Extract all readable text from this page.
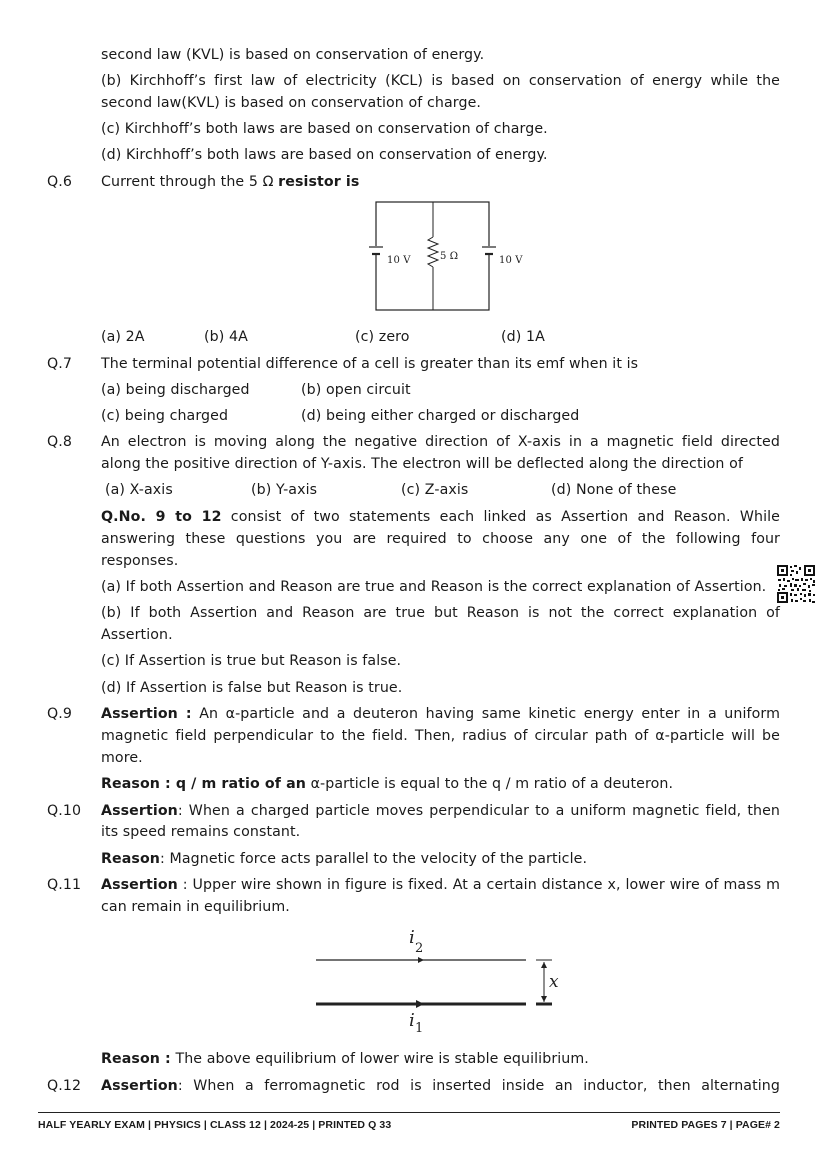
second law (KVL) is based on conservation of energy.
(b) Kirchhoff’s first law of electricity (KCL) is based on conservation of energy while the
second law(KVL) is based on conservation of charge.
(c) Kirchhoff’s both laws are based on conservation of charge.
(d) Kirchhoff’s both laws are based on conservation of energy.
Q.6 Current through the 5 Ω resistor is
10 V	5 Ω	10 V
(a) 2A	(b) 4A	(c) zero	(d) 1A
Q.7 The terminal potential difference of a cell is greater than its emf when it is
(a) being discharged	(b) open circuit
(c) being charged	(d) being either charged or discharged
Q.8 An electron is moving along the negative direction of X-axis in a magnetic field directed
along the positive direction of Y-axis. The electron will be deflected along the direction of
(a) X-axis	(b) Y-axis	(c) Z-axis	(d) None of these
Q.No. 9 to 12 consist of two statements each linked as Assertion and Reason. While
answering these questions you are required to choose any one of the following four
responses.
(a) If both Assertion and Reason are true and Reason is the correct explanation of Assertion.
(b) If both Assertion and Reason are true but Reason is not the correct explanation of
Assertion.
(c) If Assertion is true but Reason is false.
(d) If Assertion is false but Reason is true.
Q.9 Assertion : An α-particle and a deuteron having same kinetic energy enter in a uniform
magnetic field perpendicular to the field. Then, radius of circular path of α-particle will be
more.
Reason : q / m ratio of an α-particle is equal to the q / m ratio of a deuteron.
Q.10 Assertion: When a charged particle moves perpendicular to a uniform magnetic field, then
its speed remains constant.
Reason: Magnetic force acts parallel to the velocity of the particle.
Q.11 Assertion : Upper wire shown in figure is fixed. At a certain distance x, lower wire of mass m
can remain in equilibrium.
i
2
i 1
x
Reason : The above equilibrium of lower wire is stable equilibrium.
Q.12 Assertion: When a ferromagnetic rod is inserted inside an inductor, then alternating
HALF YEARLY EXAM | PHYSICS | CLASS 12 | 2024-25 | PRINTED Q 33	PRINTED PAGES 7 | PAGE# 2
